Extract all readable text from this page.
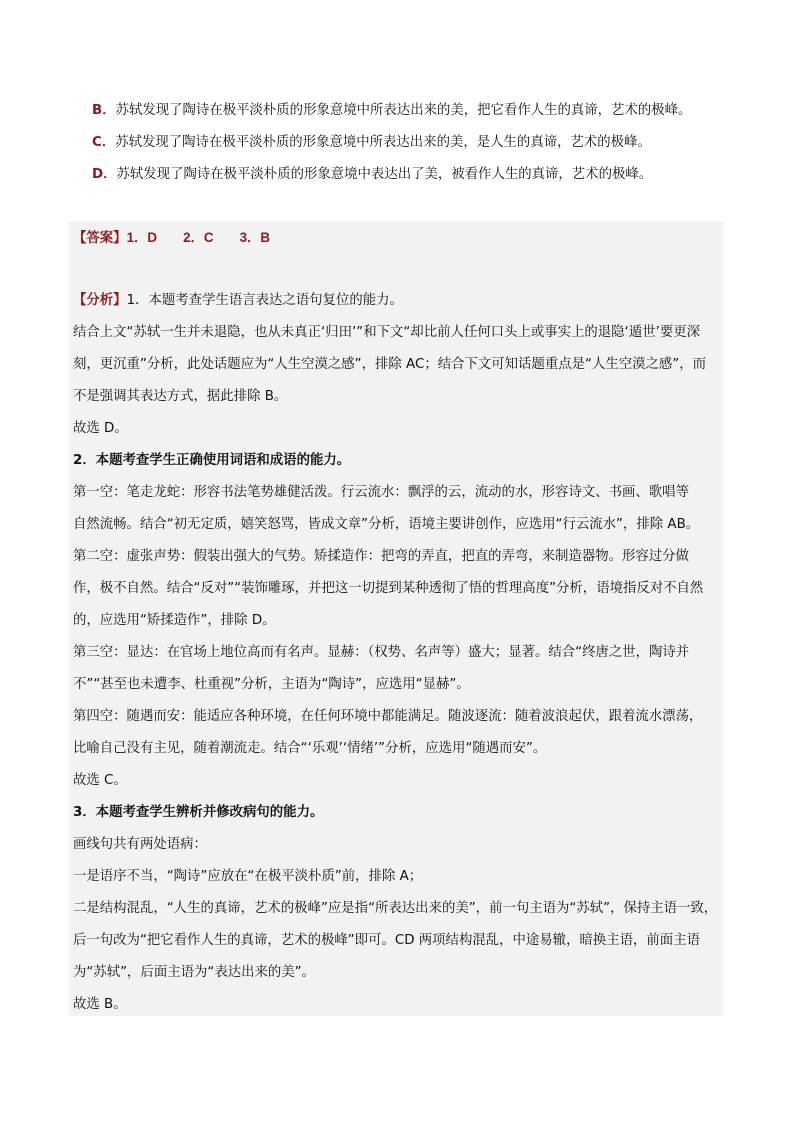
B．苏轼发现了陶诗在极平淡朴质的形象意境中所表达出来的美，把它看作人生的真谛，艺术的极峰。
C．苏轼发现了陶诗在极平淡朴质的形象意境中所表达出来的美，是人生的真谛，艺术的极峰。
D．苏轼发现了陶诗在极平淡朴质的形象意境中表达出了美，被看作人生的真谛，艺术的极峰。
【答案】1．D 2．C 3．B
【分析】1．本题考查学生语言表达之语句复位的能力。
结合上文“苏轼一生并未退隐，也从未真正‘归田’”和下文“却比前人任何口头上或事实上的退隐‘遁世’要更深
刻，更沉重”分析，此处话题应为“人生空漠之感”，排除 AC；结合下文可知话题重点是“人生空漠之感”，而
不是强调其表达方式，据此排除 B。
故选 D。
2．本题考查学生正确使用词语和成语的能力。
第一空：笔走龙蛇：形容书法笔势雄健活泼。行云流水：飘浮的云，流动的水，形容诗文、书画、歌唱等
自然流畅。结合“初无定质，嬉笑怒骂，皆成文章”分析，语境主要讲创作，应选用“行云流水”，排除 AB。
第二空：虚张声势：假装出强大的气势。矫揉造作：把弯的弄直，把直的弄弯，来制造器物。形容过分做
作，极不自然。结合“反对”“装饰雕琢，并把这一切提到某种透彻了悟的哲理高度”分析，语境指反对不自然
的，应选用“矫揉造作”，排除 D。
第三空：显达：在官场上地位高而有名声。显赫：（权势、名声等）盛大；显著。结合“终唐之世，陶诗并
不”“甚至也未遭李、杜重视”分析，主语为“陶诗”，应选用“显赫”。
第四空：随遇而安：能适应各种环境，在任何环境中都能满足。随波逐流：随着波浪起伏，跟着流水漂荡，
比喻自己没有主见，随着潮流走。结合“‘乐观’‘情绪’”分析，应选用“随遇而安”。
故选 C。
3．本题考查学生辨析并修改病句的能力。
画线句共有两处语病：
一是语序不当，“陶诗”应放在“在极平淡朴质”前，排除 A；
二是结构混乱，“人生的真谛，艺术的极峰”应是指“所表达出来的美”，前一句主语为“苏轼”，保持主语一致，
后一句改为“把它看作人生的真谛，艺术的极峰”即可。CD 两项结构混乱，中途易辙，暗换主语，前面主语
为“苏轼”，后面主语为“表达出来的美”。
故选 B。
